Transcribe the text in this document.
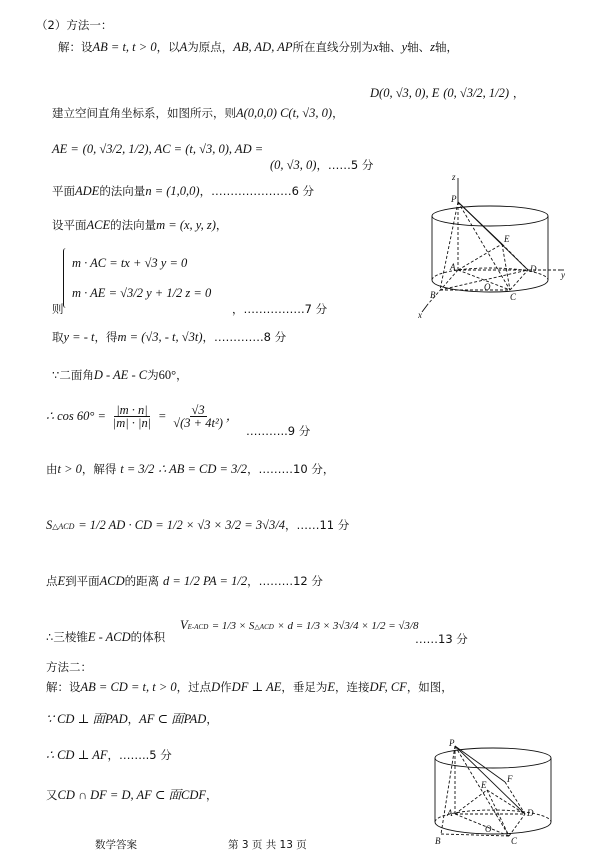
（2）方法一：
解：设AB = t, t > 0，以A为原点，AB, AD, AP所在直线分别为x轴、y轴、z轴，
D(0, √3, 0), E (0, √3/2, 1/2) ，
建立空间直角坐标系，如图所示，则A(0,0,0) C(t, √3, 0)，
AE = (0, √3/2, 1/2), AC = (t, √3, 0), AD =
(0, √3, 0)，……5 分
平面ADE的法向量n = (1,0,0)，…………………6 分
设平面ACE的法向量m = (x, y, z)，
m · AC = tx + √3 y = 0
m · AE = √3/2 y + 1/2 z = 0
则	，…………….7 分
取y = - t，得m = (√3, - t, √3t)，………….8 分
∵二面角D - AE - C为60°，
∴ $\cos 60^\circ = \frac{|m \cdot n|}{|m| \cdot |n|} = \frac{√3}{\text{√(3 + 4t²)}}$ ，
………..9 分
由t > 0，解得 t = 3/2 ∴ AB = CD = 3/2，………10 分，
S△ACD = 1/2 AD · CD = 1/2 × √3 × 3/2 = 3√3/4，……11 分
点E到平面ACD的距离 d = 1/2 PA = 1/2，………12 分
∴三棱锥E - ACD的体积
VE-ACD = 1/3 × S△ACD × d = 1/3 × 3√3/4 × 1/2 = √3/8
……13 分
方法二：
解：设AB = CD = t, t > 0，过点D作DF ⊥ AE，垂足为E，连接DF, CF，如图，
∵ CD ⊥ 面PAD，AF ⊂ 面PAD，
∴ CD ⊥ AF，……..5 分
又CD ∩ DF = D, AF ⊂ 面CDF，
数学答案	第 3 页 共 13 页
z
P
E
A	D
O
B	C
y
x
P
F
E
A	D
O
B	C
